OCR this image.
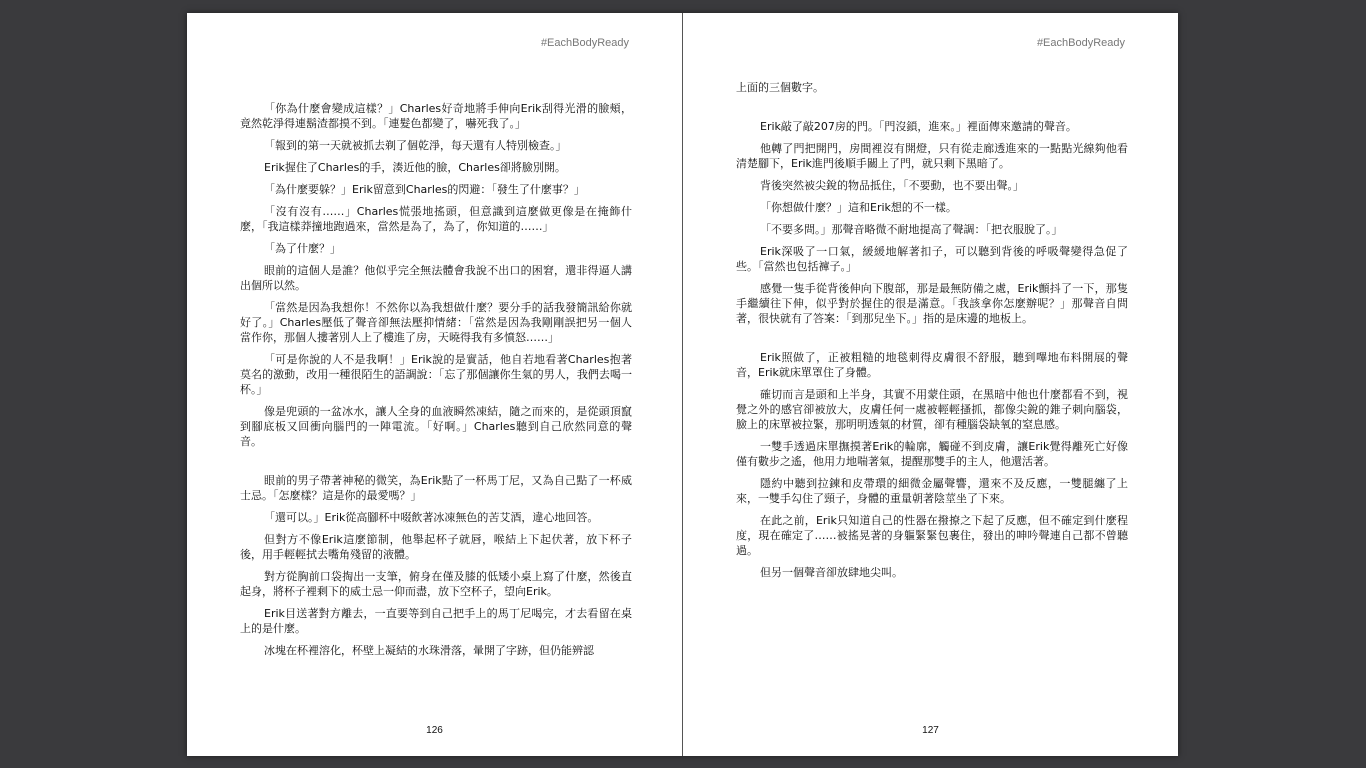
#EachBodyReady

「你為什麼會變成這樣？」Charles好奇地將手伸向Erik刮得光滑的臉頰，竟然乾淨得連鬍渣都摸不到。「連髮色都變了，嚇死我了。」

「報到的第一天就被抓去剃了個乾淨，每天還有人特別檢查。」

Erik握住了Charles的手，湊近他的臉，Charles卻將臉別開。

「為什麼要躲？」Erik留意到Charles的閃避：「發生了什麼事？」

「沒有沒有……」Charles慌張地搖頭，但意識到這麼做更像是在掩飾什麼，「我這樣莽撞地跑過來，當然是為了，為了，你知道的……」

「為了什麼？」

眼前的這個人是誰？他似乎完全無法體會我說不出口的困窘，還非得逼人講出個所以然。

「當然是因為我想你！不然你以為我想做什麼？要分手的話我發簡訊給你就好了。」Charles壓低了聲音卻無法壓抑情緒：「當然是因為我剛剛誤把另一個人當作你，那個人摟著別人上了樓進了房，天曉得我有多憤怒……」

「可是你說的人不是我啊！」Erik說的是實話，他自若地看著Charles抱著莫名的激動，改用一種很陌生的語調說：「忘了那個讓你生氣的男人，我們去喝一杯。」

像是兜頭的一盆冰水，讓人全身的血液瞬然凍結，隨之而來的，是從頭頂竄到腳底板又回衝向腦門的一陣電流。「好啊。」Charles聽到自己欣然同意的聲音。

眼前的男子帶著神秘的微笑，為Erik點了一杯馬丁尼，又為自己點了一杯威士忌。「怎麼樣？這是你的最愛嗎？」

「還可以。」Erik從高腳杯中啜飲著冰凍無色的苦艾酒，違心地回答。

但對方不像Erik這麼節制，他舉起杯子就唇，喉結上下起伏著，放下杯子後，用手輕輕拭去嘴角殘留的液體。

對方從胸前口袋掏出一支筆，俯身在僅及膝的低矮小桌上寫了什麼，然後直起身，將杯子裡剩下的威士忌一仰而盡，放下空杯子，望向Erik。

Erik目送著對方離去，一直要等到自己把手上的馬丁尼喝完，才去看留在桌上的是什麼。

冰塊在杯裡溶化，杯壁上凝結的水珠滑落，暈開了字跡，但仍能辨認

126
#EachBodyReady

上面的三個數字。

Erik敲了敲207房的門。「門沒鎖，進來。」裡面傳來邀請的聲音。

他轉了門把開門，房間裡沒有開燈，只有從走廊透進來的一點點光線夠他看清楚腳下，Erik進門後順手關上了門，就只剩下黑暗了。

背後突然被尖銳的物品抵住，「不要動，也不要出聲。」

「你想做什麼？」這和Erik想的不一樣。

「不要多問。」那聲音略微不耐地提高了聲調：「把衣服脫了。」

Erik深吸了一口氣，緩緩地解著扣子，可以聽到背後的呼吸聲變得急促了些。「當然也包括褲子。」

感覺一隻手從背後伸向下腹部，那是最無防備之處，Erik顫抖了一下，那隻手繼續往下伸，似乎對於握住的很是滿意。「我該拿你怎麼辦呢？」那聲音自問著，很快就有了答案：「到那兒坐下。」指的是床邊的地板上。

Erik照做了，正被粗糙的地毯刺得皮膚很不舒服，聽到嗶地布料開展的聲音，Erik就床單罩住了身體。

確切而言是頭和上半身，其實不用蒙住頭，在黑暗中他也什麼都看不到，視覺之外的感官卻被放大，皮膚任何一處被輕輕搔抓，都像尖銳的錐子刺向腦袋，臉上的床單被拉緊，那明明透氣的材質，卻有種腦袋缺氧的窒息感。

一雙手透過床單撫摸著Erik的輪廓，觸碰不到皮膚，讓Erik覺得離死亡好像僅有數步之遙，他用力地喘著氣，提醒那雙手的主人，他還活著。

隱約中聽到拉鍊和皮帶環的細微金屬聲響，還來不及反應，一雙腿纏了上來，一雙手勾住了頸子，身體的重量朝著陰莖坐了下來。

在此之前，Erik只知道自己的性器在撥撩之下起了反應，但不確定到什麼程度，現在確定了……被搖晃著的身軀緊緊包裹住，發出的呻吟聲連自己都不曾聽過。

但另一個聲音卻放肆地尖叫。

127
